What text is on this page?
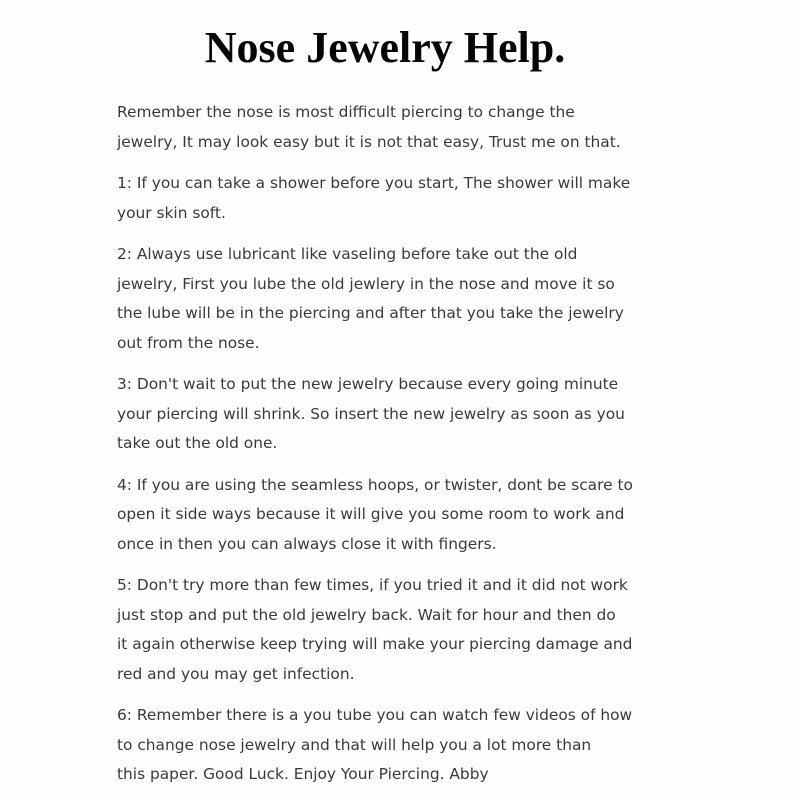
Nose Jewelry Help.

Remember the nose is most difficult piercing to change the
jewelry, It may look easy but it is not that easy, Trust me on that.

1: If you can take a shower before you start, The shower will make
your skin soft.

2: Always use lubricant like vaseling before take out the old
jewelry, First you lube the old jewlery in the nose and move it so
the lube will be in the piercing and after that you take the jewelry
out from the nose.

3: Don't wait to put the new jewelry because every going minute
your piercing will shrink. So insert the new jewelry as soon as you
take out the old one.

4: If you are using the seamless hoops, or twister, dont be scare to
open it side ways because it will give you some room to work and
once in then you can always close it with fingers.

5: Don't try more than few times, if you tried it and it did not work
just stop and put the old jewelry back. Wait for hour and then do
it again otherwise keep trying will make your piercing damage and
red and you may get infection.

6: Remember there is a you tube you can watch few videos of how
to change nose jewelry and that will help you a lot more than
this paper. Good Luck. Enjoy Your Piercing. Abby
